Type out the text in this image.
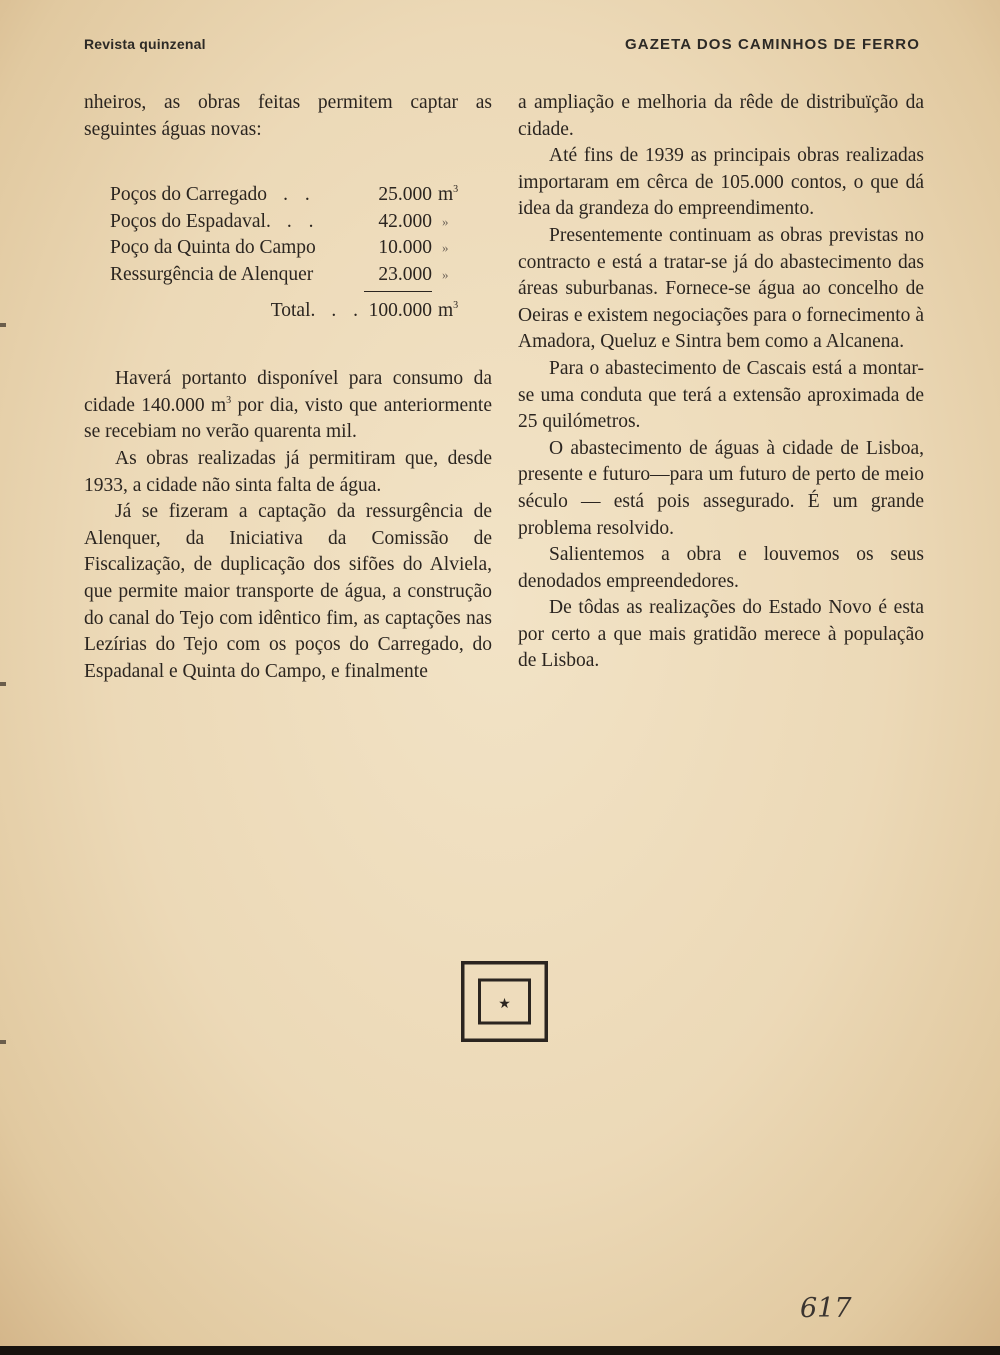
Revista quinzenal	GAZETA DOS CAMINHOS DE FERRO

nheiros, as obras feitas permitem captar as seguintes águas novas:

Poços do Carregado . .	25.000 $m^3$
Poços do Espadaval. . .	42.000 »
Poço da Quinta do Campo	10.000 »
Ressurgência de Alenquer	23.000 »
Total. . . 100.000 $m^3$

Haverá portanto disponível para consumo da cidade 140.000 $m^3$ por dia, visto que anteriormente se recebiam no verão quarenta mil.

As obras realizadas já permitiram que, desde 1933, a cidade não sinta falta de água.

Já se fizeram a captação da ressurgência de Alenquer, da Iniciativa da Comissão de Fiscalização, de duplicação dos sifões do Alviela, que permite maior transporte de água, a construção do canal do Tejo com idêntico fim, as captações nas Lezírias do Tejo com os poços do Carregado, do Espadanal e Quinta do Campo, e finalmente

a ampliação e melhoria da rêde de distribuïção da cidade.

Até fins de 1939 as principais obras realizadas importaram em cêrca de 105.000 contos, o que dá idea da grandeza do empreendimento.

Presentemente continuam as obras previstas no contracto e está a tratar-se já do abastecimento das áreas suburbanas. Fornece-se água ao concelho de Oeiras e existem negociações para o fornecimento à Amadora, Queluz e Sintra bem como a Alcanena.

Para o abastecimento de Cascais está a montar-se uma conduta que terá a extensão aproximada de 25 quilómetros.

O abastecimento de águas à cidade de Lisboa, presente e futuro—para um futuro de perto de meio século — está pois assegurado. É um grande problema resolvido.

Salientemos a obra e louvemos os seus denodados empreendedores.

De tôdas as realizações do Estado Novo é esta por certo a que mais gratidão merece à população de Lisboa.

★
617
